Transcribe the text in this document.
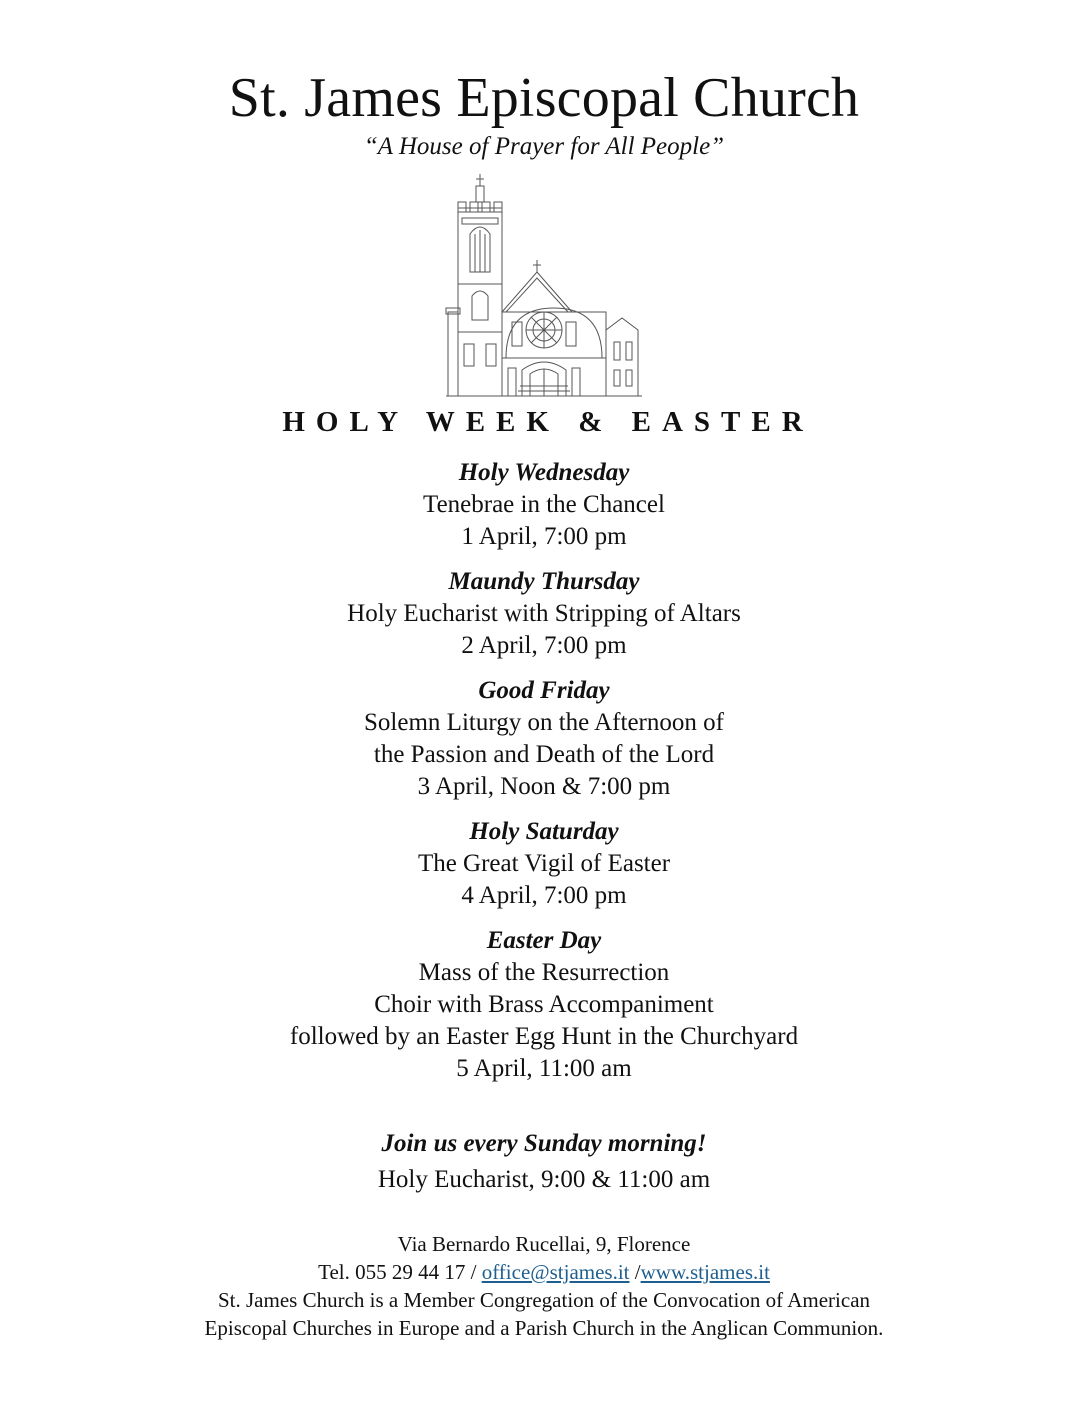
St. James Episcopal Church
“A House of Prayer for All People”
HOLY WEEK & EASTER
Holy Wednesday
Tenebrae in the Chancel
1 April, 7:00 pm
Maundy Thursday
Holy Eucharist with Stripping of Altars
2 April, 7:00 pm
Good Friday
Solemn Liturgy on the Afternoon of
the Passion and Death of the Lord
3 April, Noon & 7:00 pm
Holy Saturday
The Great Vigil of Easter
4 April, 7:00 pm
Easter Day
Mass of the Resurrection
Choir with Brass Accompaniment
followed by an Easter Egg Hunt in the Churchyard
5 April, 11:00 am
Join us every Sunday morning!
Holy Eucharist, 9:00 & 11:00 am
Via Bernardo Rucellai, 9, Florence
Tel. 055 29 44 17 / office@stjames.it /www.stjames.it
St. James Church is a Member Congregation of the Convocation of American
Episcopal Churches in Europe and a Parish Church in the Anglican Communion.
